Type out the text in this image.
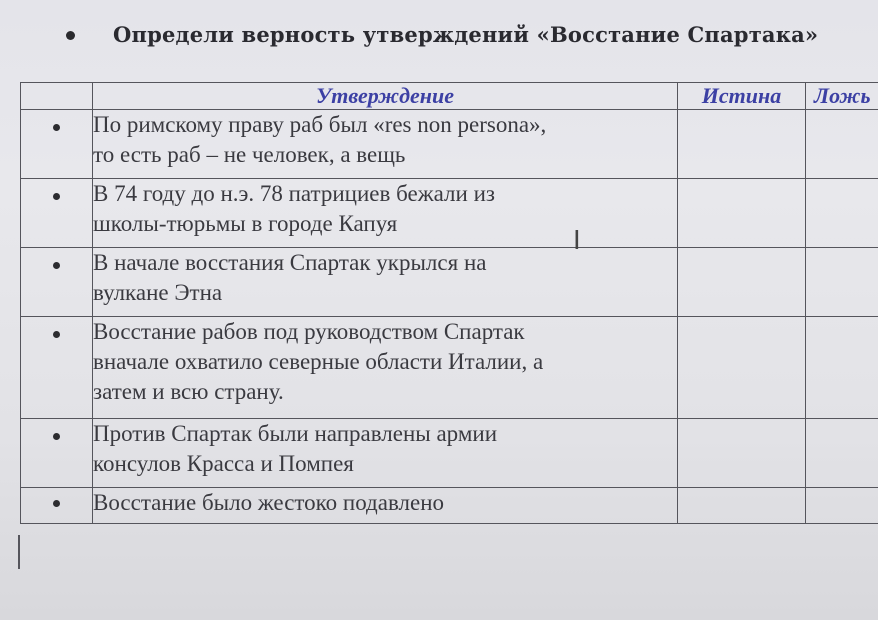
Определи верность утверждений «Восстание Спартака»
	Утверждение	Истина	Ложь

	По римскому праву раб был «res non persona»,
то есть раб – не человек, а вещь		

	В 74 году до н.э. 78 патрициев бежали из
школы-тюрьмы в городе Капуя		

	В начале восстания Спартак укрылся на
вулкане Этна		

	Восстание рабов под руководством Спартак
вначале охватило северные области Италии, а
затем и всю страну.		

	Против Спартак были направлены армии
консулов Красса и Помпея		

	Восстание было жестоко подавлено		

I
